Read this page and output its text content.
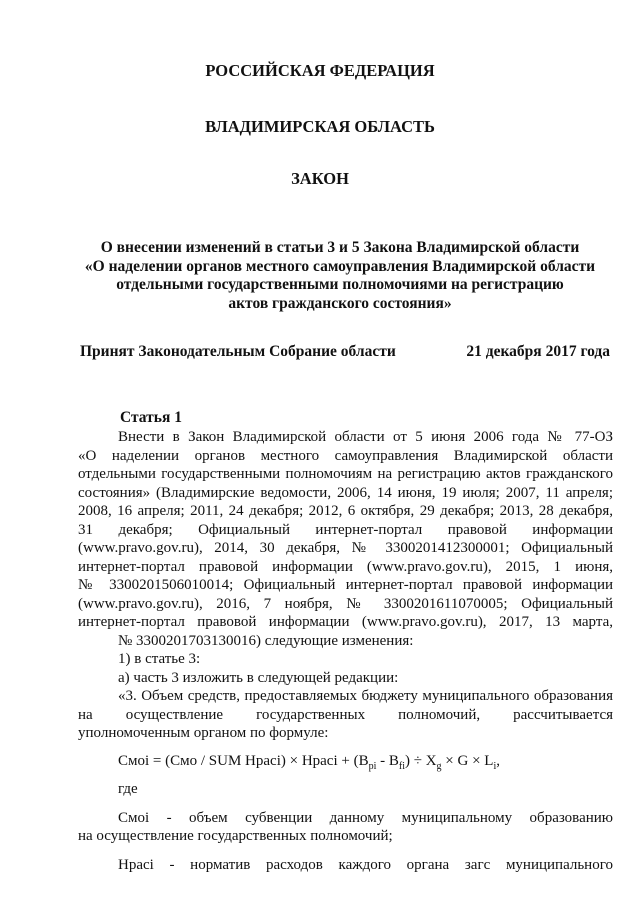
РОССИЙСКАЯ ФЕДЕРАЦИЯ

ВЛАДИМИРСКАЯ ОБЛАСТЬ

ЗАКОН

О внесении изменений в статьи 3 и 5 Закона Владимирской области
«О наделении органов местного самоуправления Владимирской области
отдельными государственными полномочиями на регистрацию
актов гражданского состояния»
Принят Законодательным Собрание области	21 декабря 2017 года
Статья 1

Внести в Закон Владимирской области от 5 июня 2006 года № 77-ОЗ

«О наделении органов местного самоуправления Владимирской области

отдельными государственными полномочиям на регистрацию актов гражданского

состояния» (Владимирские ведомости, 2006, 14 июня, 19 июля; 2007, 11 апреля;

2008, 16 апреля; 2011, 24 декабря; 2012, 6 октября, 29 декабря; 2013, 28 декабря,

31 декабря; Официальный интернет-портал правовой информации

(www.pravo.gov.ru), 2014, 30 декабря, № 3300201412300001; Официальный

интернет-портал правовой информации (www.pravo.gov.ru), 2015, 1 июня,

№ 3300201506010014; Официальный интернет-портал правовой информации

(www.pravo.gov.ru), 2016, 7 ноября, № 3300201611070005; Официальный

интернет-портал правовой информации (www.pravo.gov.ru), 2017, 13 марта,

№ 3300201703130016) следующие изменения:

1) в статье 3:

а) часть 3 изложить в следующей редакции:

«3. Объем средств, предоставляемых бюджету муниципального образования

на осуществление государственных полномочий, рассчитывается

уполномоченным органом по формуле:

Смоі = (Смо / SUM Нрасі) × Нрасі + $(В_{pi} - В_{fi}) \div X_g \times G \times L_i$,

где

Смоі - объем субвенции данному муниципальному образованию

на осуществление государственных полномочий;

Нрасі - норматив расходов каждого органа загс муниципального
